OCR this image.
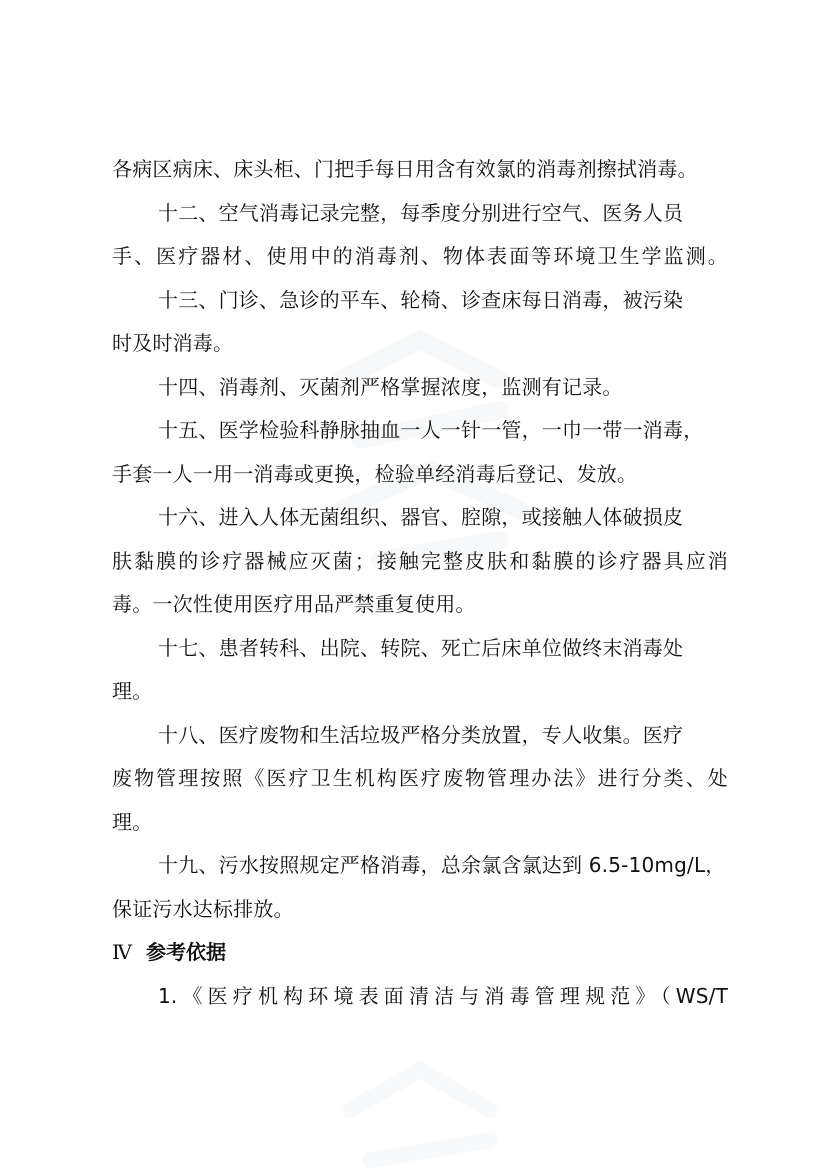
各病区病床、床头柜、门把手每日用含有效氯的消毒剂擦拭消毒。
十二、空气消毒记录完整，每季度分别进行空气、医务人员
手、医疗器材、使用中的消毒剂、物体表面等环境卫生学监测。
十三、门诊、急诊的平车、轮椅、诊查床每日消毒，被污染
时及时消毒。
十四、消毒剂、灭菌剂严格掌握浓度，监测有记录。
十五、医学检验科静脉抽血一人一针一管，一巾一带一消毒，
手套一人一用一消毒或更换，检验单经消毒后登记、发放。
十六、进入人体无菌组织、器官、腔隙，或接触人体破损皮
肤黏膜的诊疗器械应灭菌；接触完整皮肤和黏膜的诊疗器具应消
毒。一次性使用医疗用品严禁重复使用。
十七、患者转科、出院、转院、死亡后床单位做终末消毒处
理。
十八、医疗废物和生活垃圾严格分类放置，专人收集。医疗
废物管理按照《医疗卫生机构医疗废物管理办法》进行分类、处
理。
十九、污水按照规定严格消毒，总余氯含氯达到 6.5-10mg/L，
保证污水达标排放。
Ⅳ 参考依据
1.《医疗机构环境表面清洁与消毒管理规范》（WS/T
